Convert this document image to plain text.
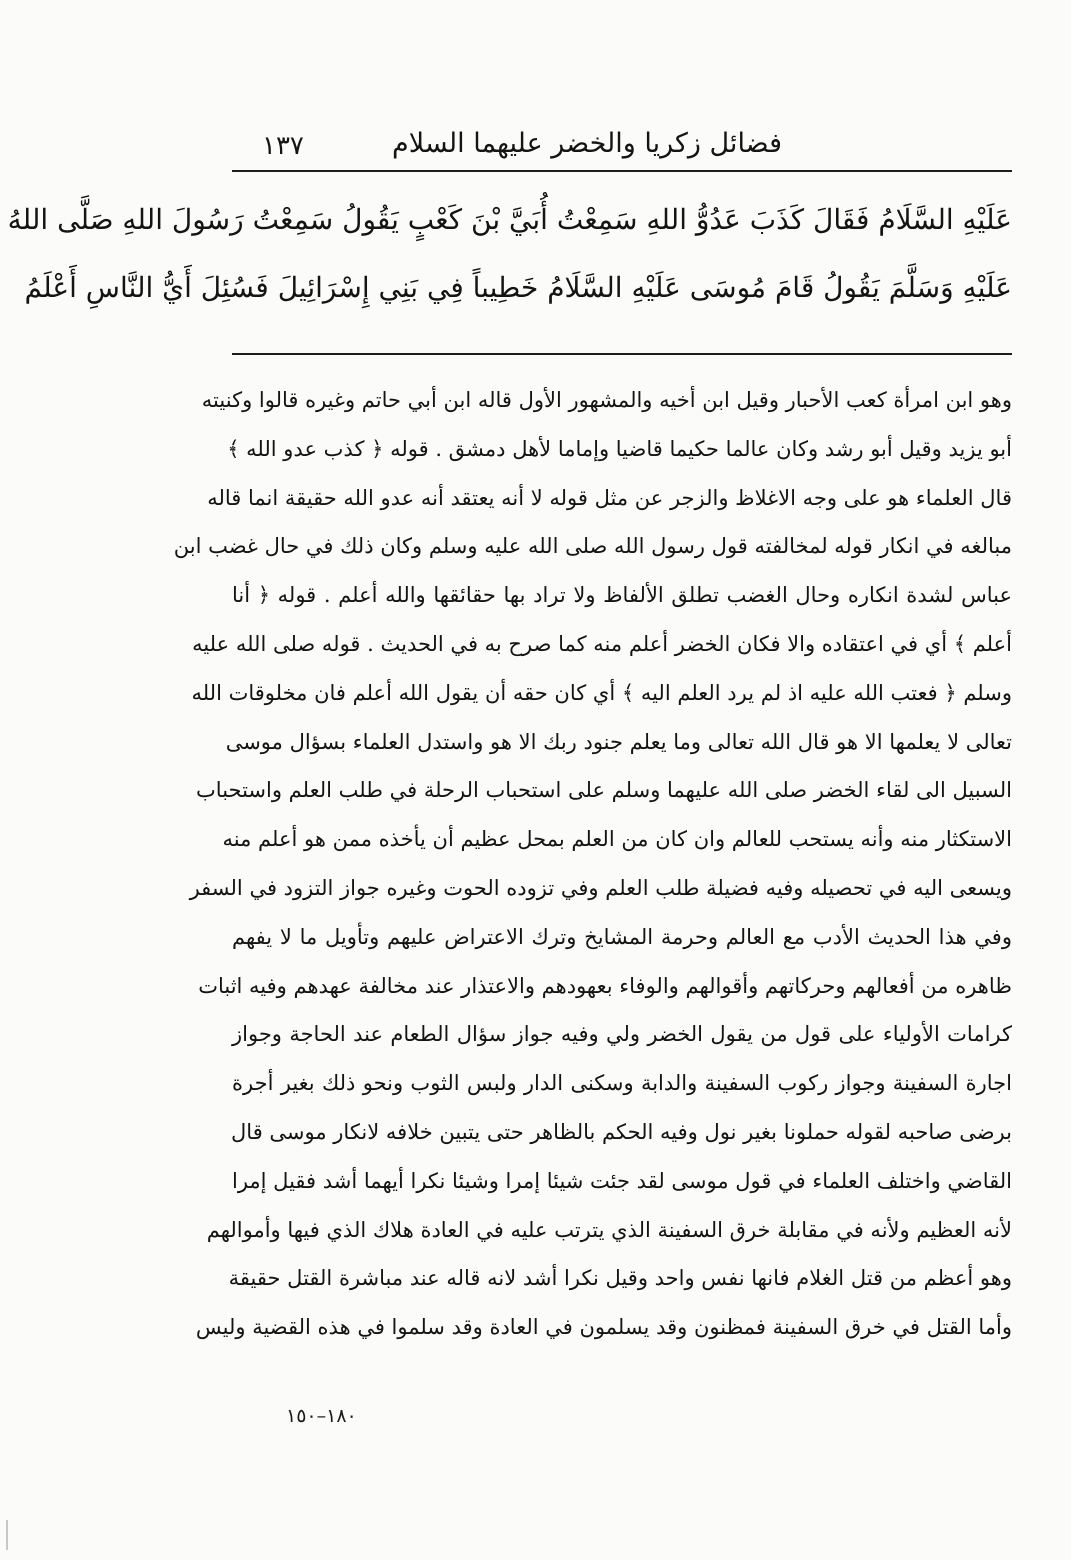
فضائل زكريا والخضر عليهما السلام
١٣٧
عَلَيْهِ السَّلَامُ فَقَالَ كَذَبَ عَدُوُّ اللهِ سَمِعْتُ أُبَيَّ بْنَ كَعْبٍ يَقُولُ سَمِعْتُ رَسُولَ اللهِ صَلَّى اللهُ
عَلَيْهِ وَسَلَّمَ يَقُولُ قَامَ مُوسَى عَلَيْهِ السَّلَامُ خَطِيباً فِي بَنِي إِسْرَائِيلَ فَسُئِلَ أَيُّ النَّاسِ أَعْلَمُ
وهو ابن امرأة كعب الأحبار وقيل ابن أخيه والمشهور الأول قاله ابن أبي حاتم وغيره قالوا وكنيته
أبو يزيد وقيل أبو رشد وكان عالما حكيما قاضيا وإماما لأهل دمشق . قوله ﴿ كذب عدو الله ﴾
قال العلماء هو على وجه الاغلاظ والزجر عن مثل قوله لا أنه يعتقد أنه عدو الله حقيقة انما قاله
مبالغه في انكار قوله لمخالفته قول رسول الله صلى الله عليه وسلم وكان ذلك في حال غضب ابن
عباس لشدة انكاره وحال الغضب تطلق الألفاظ ولا تراد بها حقائقها والله أعلم . قوله ﴿ أنا
أعلم ﴾ أي في اعتقاده والا فكان الخضر أعلم منه كما صرح به في الحديث . قوله صلى الله عليه
وسلم ﴿ فعتب الله عليه اذ لم يرد العلم اليه ﴾ أي كان حقه أن يقول الله أعلم فان مخلوقات الله
تعالى لا يعلمها الا هو قال الله تعالى وما يعلم جنود ربك الا هو واستدل العلماء بسؤال موسى
السبيل الى لقاء الخضر صلى الله عليهما وسلم على استحباب الرحلة في طلب العلم واستحباب
الاستكثار منه وأنه يستحب للعالم وان كان من العلم بمحل عظيم أن يأخذه ممن هو أعلم منه
ويسعى اليه في تحصيله وفيه فضيلة طلب العلم وفي تزوده الحوت وغيره جواز التزود في السفر
وفي هذا الحديث الأدب مع العالم وحرمة المشايخ وترك الاعتراض عليهم وتأويل ما لا يفهم
ظاهره من أفعالهم وحركاتهم وأقوالهم والوفاء بعهودهم والاعتذار عند مخالفة عهدهم وفيه اثبات
كرامات الأولياء على قول من يقول الخضر ولي وفيه جواز سؤال الطعام عند الحاجة وجواز
اجارة السفينة وجواز ركوب السفينة والدابة وسكنى الدار ولبس الثوب ونحو ذلك بغير أجرة
برضى صاحبه لقوله حملونا بغير نول وفيه الحكم بالظاهر حتى يتبين خلافه لانكار موسى قال
القاضي واختلف العلماء في قول موسى لقد جئت شيئا إمرا وشيئا نكرا أيهما أشد فقيل إمرا
لأنه العظيم ولأنه في مقابلة خرق السفينة الذي يترتب عليه في العادة هلاك الذي فيها وأموالهم
وهو أعظم من قتل الغلام فانها نفس واحد وقيل نكرا أشد لانه قاله عند مباشرة القتل حقيقة
وأما القتل في خرق السفينة فمظنون وقد يسلمون في العادة وقد سلموا في هذه القضية وليس
١٨٠–١٥٠
